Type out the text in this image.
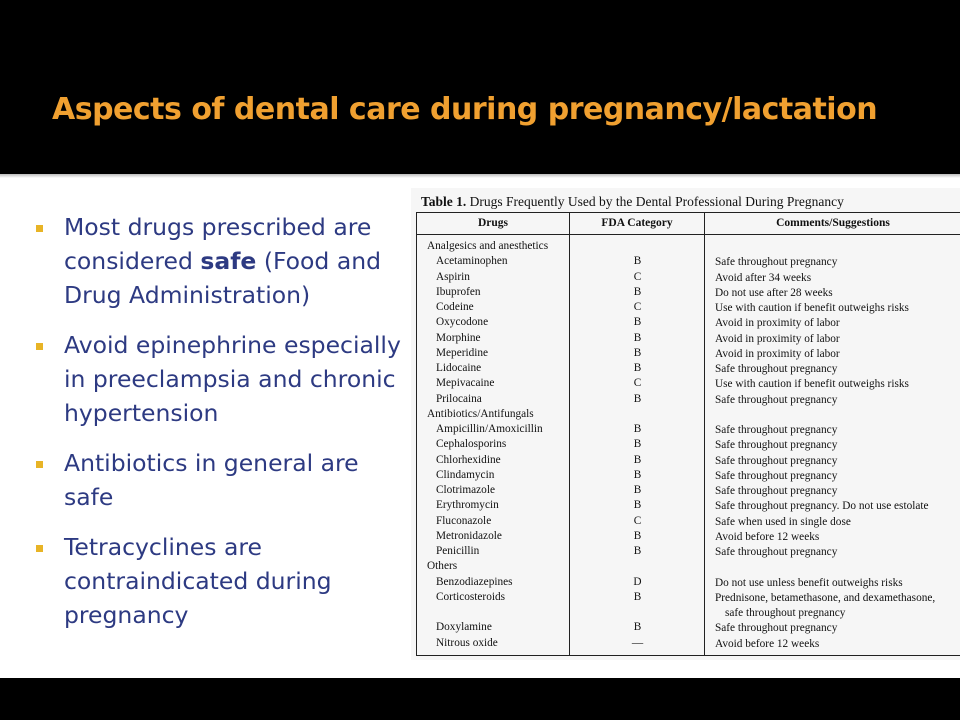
Aspects of dental care during pregnancy/lactation
Most drugs prescribed are considered safe (Food and Drug Administration)
Avoid epinephrine especially in preeclampsia and chronic hypertension
Antibiotics in general are safe
Tetracyclines are contraindicated during pregnancy
Table 1. Drugs Frequently Used by the Dental Professional During Pregnancy
Drugs	FDA Category	Comments/Suggestions
Analgesics and anesthetics
Acetaminophen	B	Safe throughout pregnancy
Aspirin	C	Avoid after 34 weeks
Ibuprofen	B	Do not use after 28 weeks
Codeine	C	Use with caution if benefit outweighs risks
Oxycodone	B	Avoid in proximity of labor
Morphine	B	Avoid in proximity of labor
Meperidine	B	Avoid in proximity of labor
Lidocaine	B	Safe throughout pregnancy
Mepivacaine	C	Use with caution if benefit outweighs risks
Prilocaina	B	Safe throughout pregnancy
Antibiotics/Antifungals
Ampicillin/Amoxicillin	B	Safe throughout pregnancy
Cephalosporins	B	Safe throughout pregnancy
Chlorhexidine	B	Safe throughout pregnancy
Clindamycin	B	Safe throughout pregnancy
Clotrimazole	B	Safe throughout pregnancy
Erythromycin	B	Safe throughout pregnancy. Do not use estolate
Fluconazole	C	Safe when used in single dose
Metronidazole	B	Avoid before 12 weeks
Penicillin	B	Safe throughout pregnancy
Others
Benzodiazepines	D	Do not use unless benefit outweighs risks
Corticosteroids	B	Prednisone, betamethasone, and dexamethasone,
safe throughout pregnancy
Doxylamine	B	Safe throughout pregnancy
Nitrous oxide	—	Avoid before 12 weeks
